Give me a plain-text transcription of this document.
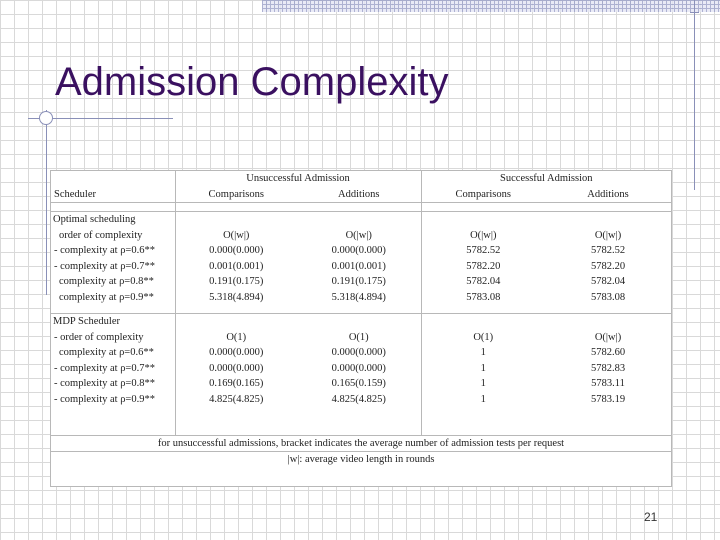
Admission Complexity
	Unsuccessful Admission		Successful Admission	
Scheduler	Comparisons	Additions	Comparisons	Additions

Optimal scheduling				
order of complexity	O(|w|)	O(|w|)	O(|w|)	O(|w|)
- complexity at ρ=0.6**	0.000(0.000)	0.000(0.000)	5782.52	5782.52
- complexity at ρ=0.7**	0.001(0.001)	0.001(0.001)	5782.20	5782.20
complexity at ρ=0.8**	0.191(0.175)	0.191(0.175)	5782.04	5782.04
complexity at ρ=0.9**	5.318(4.894)	5.318(4.894)	5783.08	5783.08

MDP Scheduler				
- order of complexity	O(1)	O(1)	O(1)	O(|w|)
complexity at ρ=0.6**	0.000(0.000)	0.000(0.000)	1	5782.60
- complexity at ρ=0.7**	0.000(0.000)	0.000(0.000)	1	5782.83
- complexity at ρ=0.8**	0.169(0.165)	0.165(0.159)	1	5783.11
- complexity at ρ=0.9**	4.825(4.825)	4.825(4.825)	1	5783.19

for unsuccessful admissions, bracket indicates the average number of admission tests per request				
|w|: average video length in rounds				
21
